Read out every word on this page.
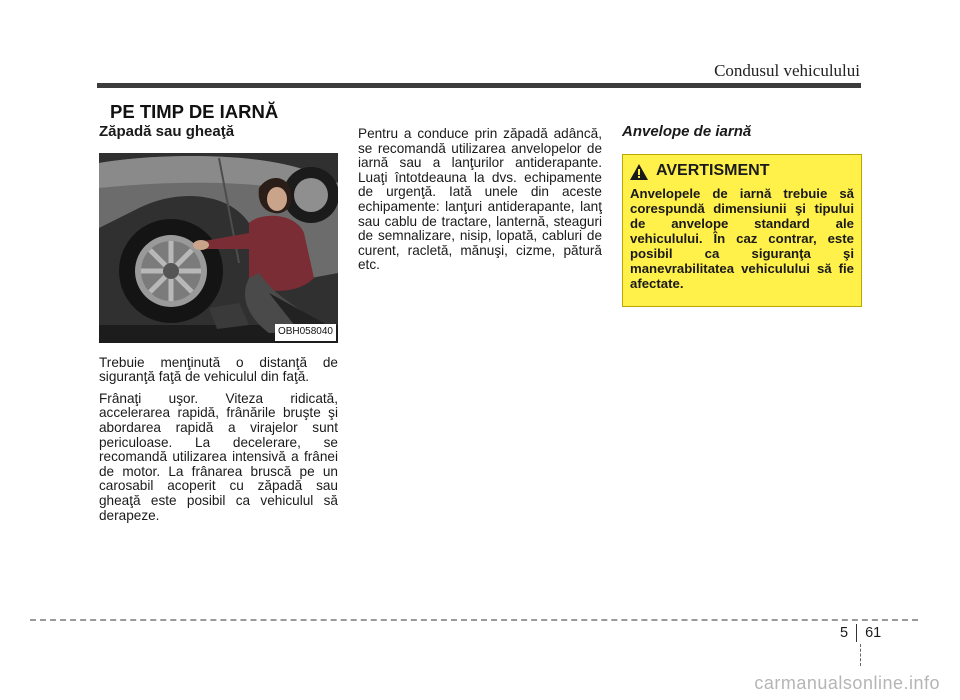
Condusul vehiculului
PE TIMP DE IARNĂ
Zăpadă sau gheaţă
OBH058040

Trebuie menţinută o distanţă de siguranţă faţă de vehiculul din faţă.

Frânaţi uşor. Viteza ridicată, accelerarea rapidă, frânările bruşte şi abordarea rapidă a virajelor sunt periculoase. La decelerare, se recomandă utilizarea intensivă a frânei de motor. La frânarea bruscă pe un carosabil acoperit cu zăpadă sau gheaţă este posibil ca vehiculul să derapeze.

Pentru a conduce prin zăpadă adâncă, se recomandă utilizarea anvelopelor de iarnă sau a lanţurilor antiderapante. Luaţi întotdeauna la dvs. echipamente de urgenţă. Iată unele din aceste echipamente: lanţuri antiderapante, lanţ sau cablu de tractare, lanternă, steaguri de semnalizare, nisip, lopată, cabluri de curent, racletă, mănuşi, cizme, pătură etc.

Anvelope de iarnă
AVERTISMENT
Anvelopele de iarnă trebuie să corespundă dimensiunii şi tipului de anvelope standard ale vehiculului. În caz contrar, este posibil ca siguranţa şi manevrabilitatea vehiculului să fie afectate.
5 61
carmanualsonline.info
